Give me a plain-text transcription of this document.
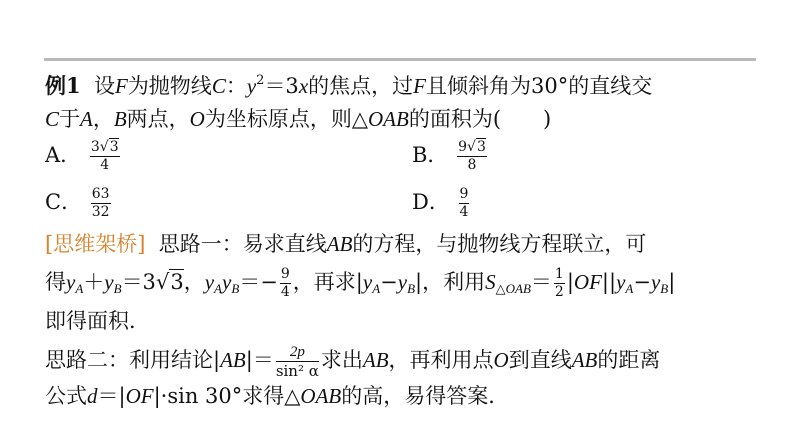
例1 设F为抛物线C：$y^2=3x$的焦点，过F且倾斜角为30°的直线交
C于A，B两点，O为坐标原点，则△OAB的面积为(　　)
A． $\frac{3√3}{4}$	B． $\frac{9√3}{8}$
C． $\frac{63}{32}$	D． $\frac{9}{4}$
[思维架桥] 思路一：易求直线AB的方程，与抛物线方程联立，可
得$y_A+y_B=3√3$，$y_Ay_B=- \frac{9}{4}$ ，再求$|y_A-y_B|$，利用$S_{\triangle OAB}= \frac{1}{2} |OF||y_A-y_B|$
即得面积．
思路二：利用结论$|AB|= \frac{2p}{\text{sin² α}}$ 求出AB，再利用点O到直线AB的距离
公式d＝|OF|·sin 30°求得△OAB的高，易得答案．
